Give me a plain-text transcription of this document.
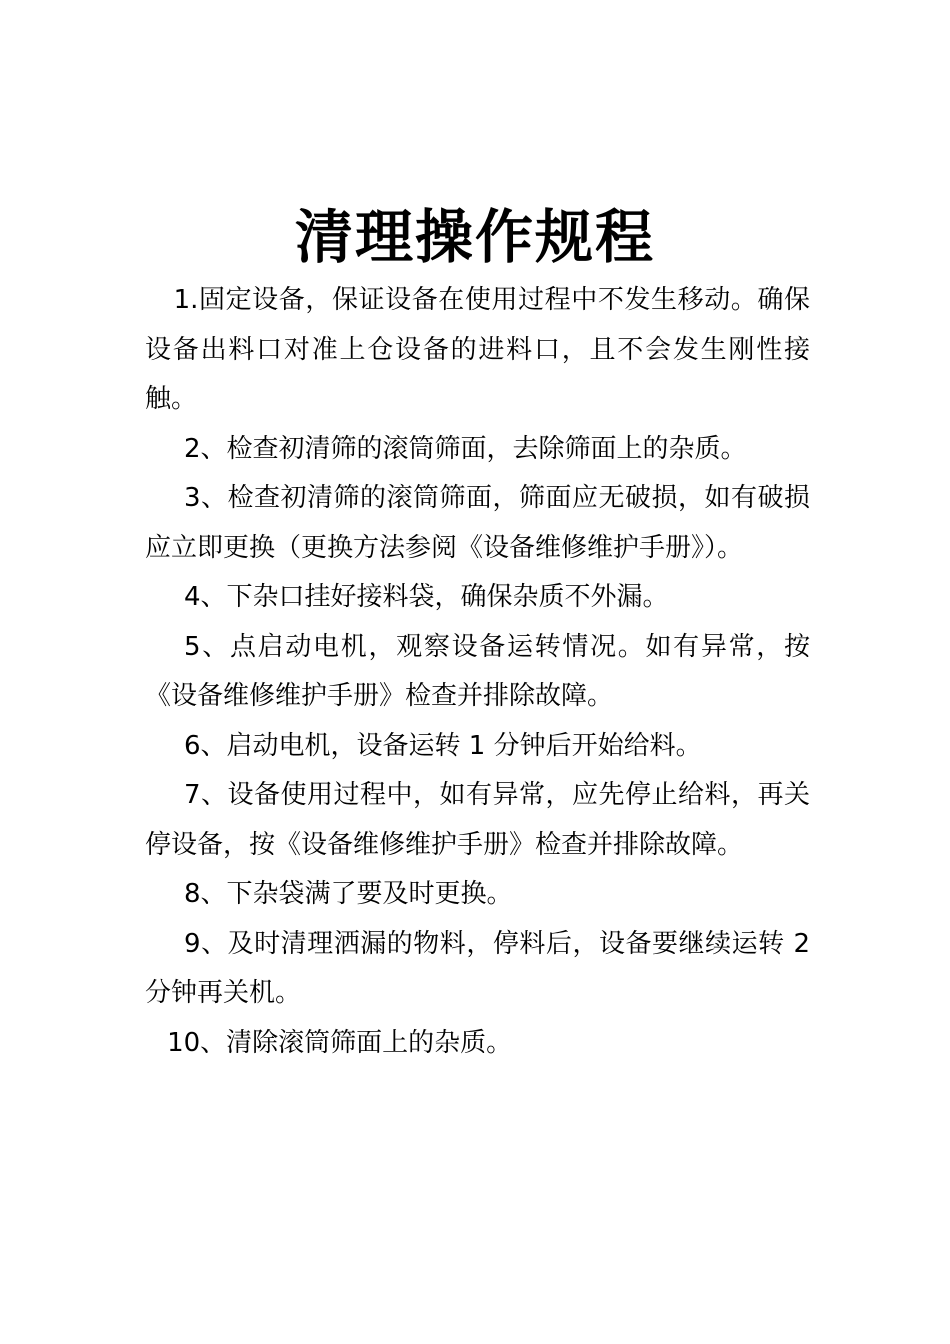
清理操作规程

1.固定设备，保证设备在使用过程中不发生移动。确保设备出料口对准上仓设备的进料口，且不会发生刚性接触。

2、检查初清筛的滚筒筛面，去除筛面上的杂质。

3、检查初清筛的滚筒筛面，筛面应无破损，如有破损应立即更换（更换方法参阅《设备维修维护手册》）。

4、下杂口挂好接料袋，确保杂质不外漏。

5、点启动电机，观察设备运转情况。如有异常，按《设备维修维护手册》检查并排除故障。

6、启动电机，设备运转 1 分钟后开始给料。

7、设备使用过程中，如有异常，应先停止给料，再关停设备，按《设备维修维护手册》检查并排除故障。

8、下杂袋满了要及时更换。

9、及时清理洒漏的物料，停料后，设备要继续运转 2 分钟再关机。

10、清除滚筒筛面上的杂质。
